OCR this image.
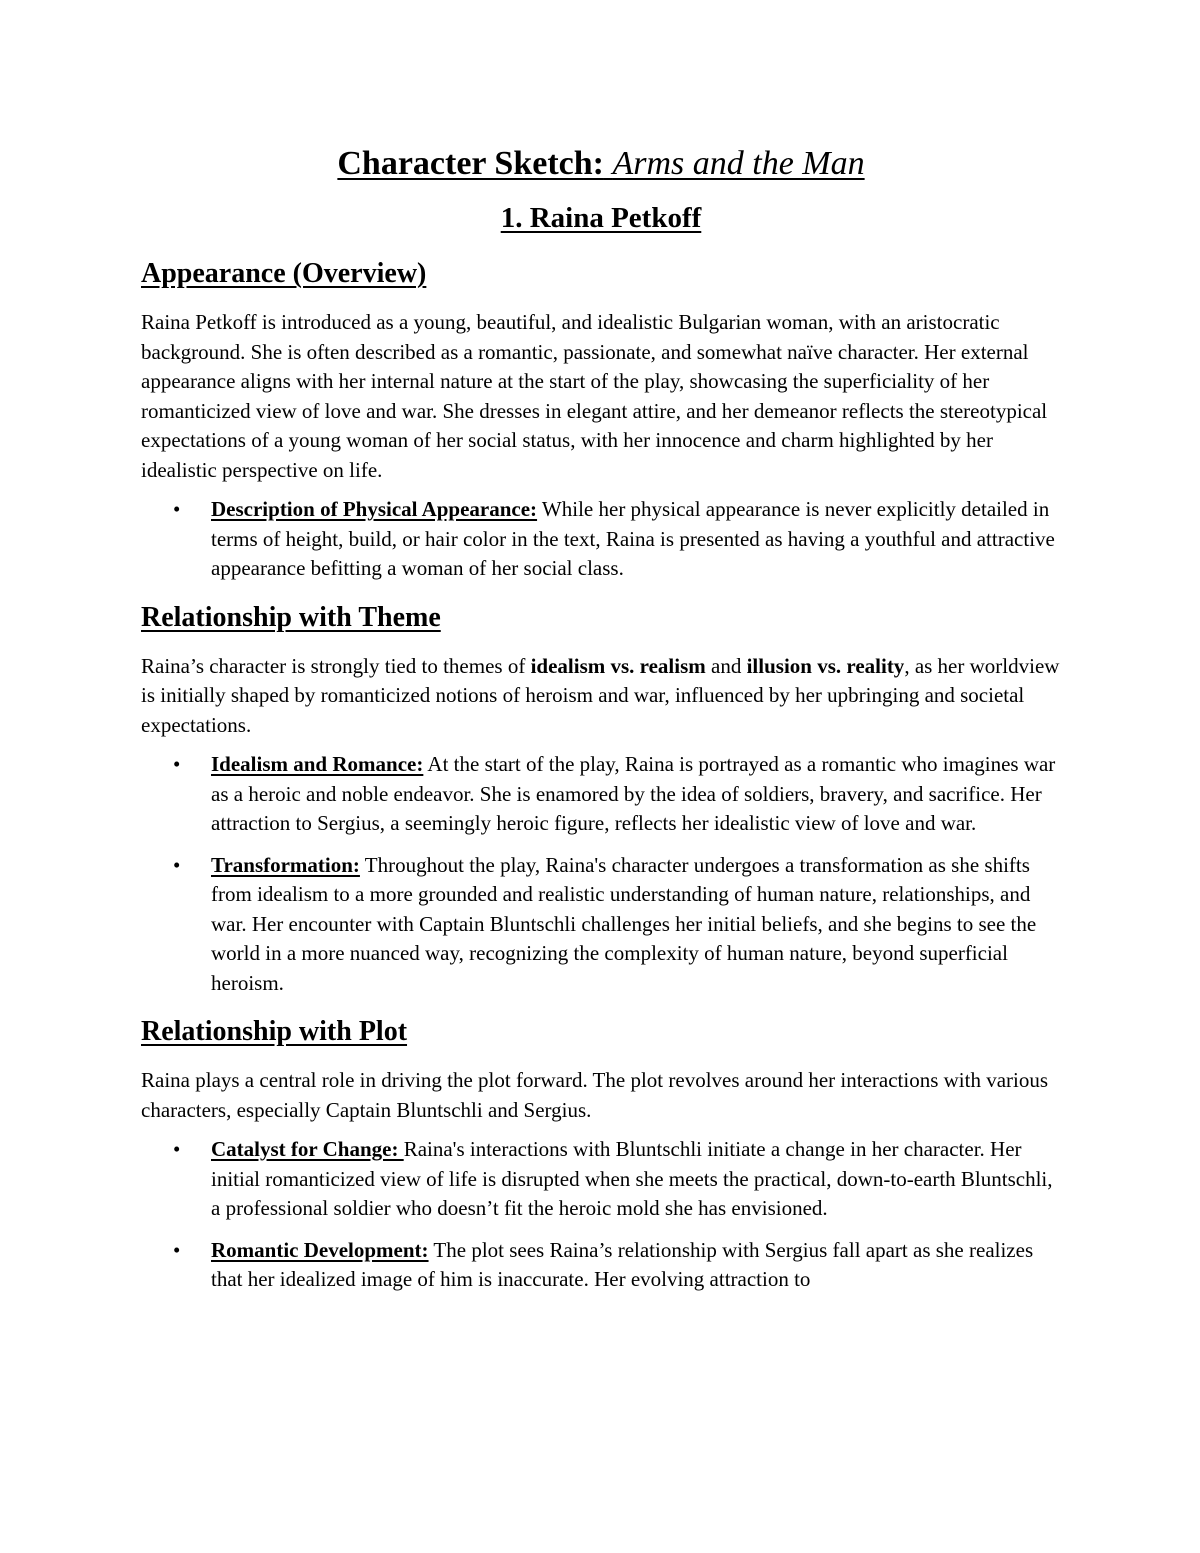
Character Sketch: Arms and the Man
1. Raina Petkoff
Appearance (Overview)

Raina Petkoff is introduced as a young, beautiful, and idealistic Bulgarian woman, with an aristocratic background. She is often described as a romantic, passionate, and somewhat naïve character. Her external appearance aligns with her internal nature at the start of the play, showcasing the superficiality of her romanticized view of love and war. She dresses in elegant attire, and her demeanor reflects the stereotypical expectations of a young woman of her social status, with her innocence and charm highlighted by her idealistic perspective on life.

• Description of Physical Appearance: While her physical appearance is never explicitly detailed in terms of height, build, or hair color in the text, Raina is presented as having a youthful and attractive appearance befitting a woman of her social class.
Relationship with Theme

Raina’s character is strongly tied to themes of idealism vs. realism and illusion vs. reality, as her worldview is initially shaped by romanticized notions of heroism and war, influenced by her upbringing and societal expectations.

• Idealism and Romance: At the start of the play, Raina is portrayed as a romantic who imagines war as a heroic and noble endeavor. She is enamored by the idea of soldiers, bravery, and sacrifice. Her attraction to Sergius, a seemingly heroic figure, reflects her idealistic view of love and war.
• Transformation: Throughout the play, Raina's character undergoes a transformation as she shifts from idealism to a more grounded and realistic understanding of human nature, relationships, and war. Her encounter with Captain Bluntschli challenges her initial beliefs, and she begins to see the world in a more nuanced way, recognizing the complexity of human nature, beyond superficial heroism.
Relationship with Plot

Raina plays a central role in driving the plot forward. The plot revolves around her interactions with various characters, especially Captain Bluntschli and Sergius.

• Catalyst for Change: Raina's interactions with Bluntschli initiate a change in her character. Her initial romanticized view of life is disrupted when she meets the practical, down-to-earth Bluntschli, a professional soldier who doesn’t fit the heroic mold she has envisioned.
• Romantic Development: The plot sees Raina’s relationship with Sergius fall apart as she realizes that her idealized image of him is inaccurate. Her evolving attraction to
